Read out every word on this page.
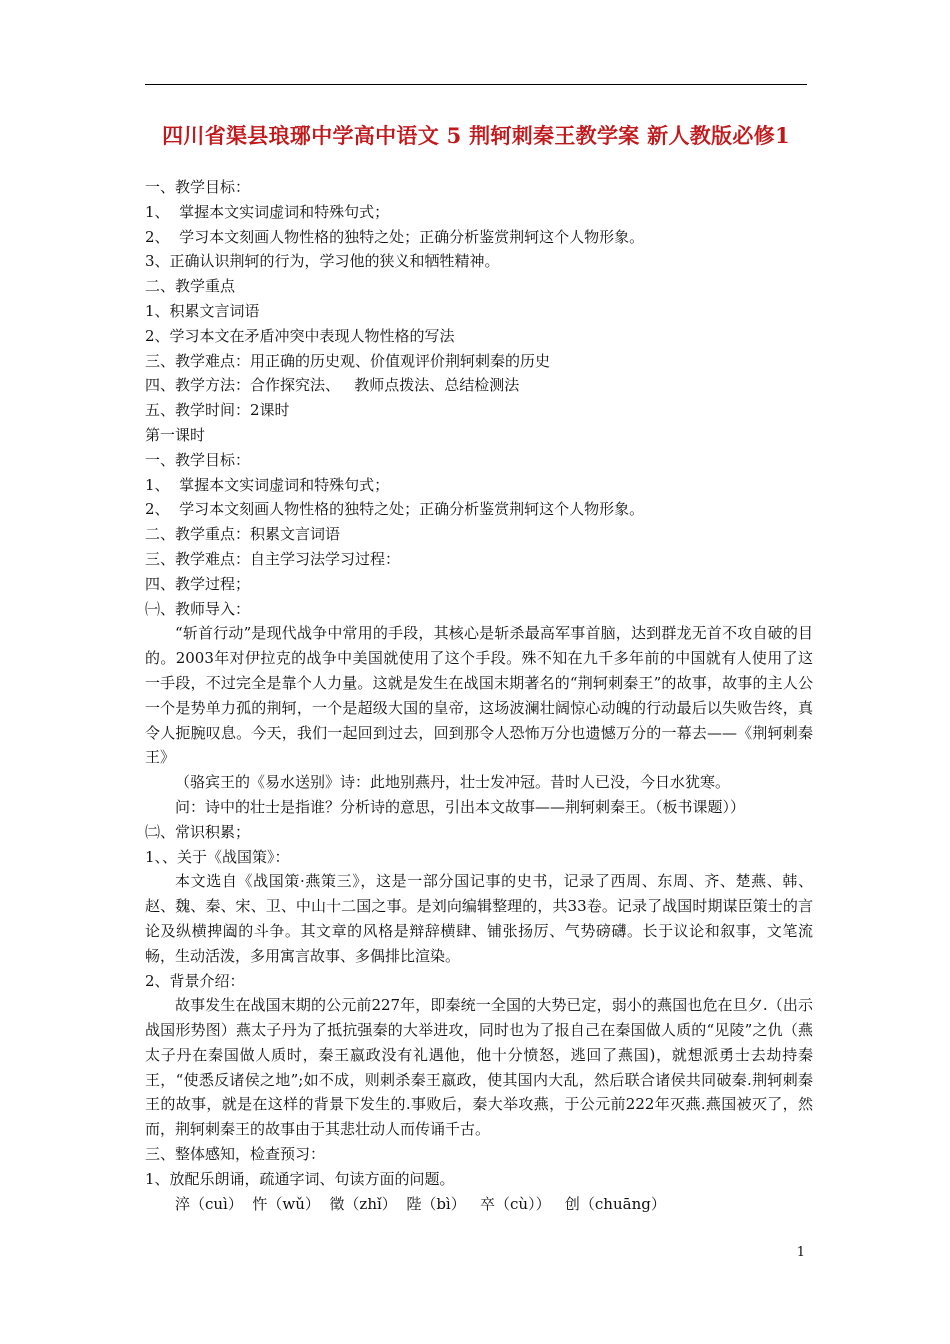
四川省渠县琅琊中学高中语文 5 荆轲刺秦王教学案 新人教版必修1

一、教学目标：

1、  掌握本文实词虚词和特殊句式；

2、  学习本文刻画人物性格的独特之处；正确分析鉴赏荆轲这个人物形象。

3、正确认识荆轲的行为，学习他的狭义和牺牲精神。

二、教学重点

1、积累文言词语

2、学习本文在矛盾冲突中表现人物性格的写法

三、教学难点：用正确的历史观、价值观评价荆轲刺秦的历史

四、教学方法：合作探究法、   教师点拨法、总结检测法

五、教学时间：2课时

第一课时

一、教学目标：

1、  掌握本文实词虚词和特殊句式；

2、  学习本文刻画人物性格的独特之处；正确分析鉴赏荆轲这个人物形象。

二、教学重点：积累文言词语

三、教学难点：自主学习法学习过程：

四、教学过程；

㈠、教师导入：

“斩首行动”是现代战争中常用的手段，其核心是斩杀最高军事首脑，达到群龙无首不攻自破的目的。2003年对伊拉克的战争中美国就使用了这个手段。殊不知在九千多年前的中国就有人使用了这一手段，不过完全是靠个人力量。这就是发生在战国末期著名的“荆轲刺秦王”的故事，故事的主人公一个是势单力孤的荆轲，一个是超级大国的皇帝，这场波澜壮阔惊心动魄的行动最后以失败告终，真令人扼腕叹息。今天，我们一起回到过去，回到那令人恐怖万分也遗憾万分的一幕去——《荆轲刺秦王》

（骆宾王的《易水送别》诗：此地别燕丹，壮士发冲冠。昔时人已没，今日水犹寒。

问：诗中的壮士是指谁？分析诗的意思，引出本文故事——荆轲刺秦王。（板书课题））

㈡、常识积累；

1、、关于《战国策》：

本文选自《战国策·燕策三》，这是一部分国记事的史书，记录了西周、东周、齐、楚燕、韩、赵、魏、秦、宋、卫、中山十二国之事。是刘向编辑整理的，共33卷。记录了战国时期谋臣策士的言论及纵横捭阖的斗争。其文章的风格是辩辞横肆、铺张扬厉、气势磅礴。长于议论和叙事，文笔流畅，生动活泼，多用寓言故事、多偶排比渲染。

2、背景介绍：

故事发生在战国末期的公元前227年，即秦统一全国的大势已定，弱小的燕国也危在旦夕.（出示战国形势图）燕太子丹为了抵抗强秦的大举进攻，同时也为了报自己在秦国做人质的“见陵”之仇（燕太子丹在秦国做人质时，秦王嬴政没有礼遇他，他十分愤怒，逃回了燕国)，就想派勇士去劫持秦王，“使悉反诸侯之地”;如不成，则刺杀秦王嬴政，使其国内大乱，然后联合诸侯共同破秦.荆轲刺秦王的故事，就是在这样的背景下发生的.事败后，秦大举攻燕，于公元前222年灭燕.燕国被灭了，然而，荆轲刺秦王的故事由于其悲壮动人而传诵千古。

三、整体感知，检查预习：

1、放配乐朗诵，疏通字词、句读方面的问题。

淬（cuì）  忤（wǔ）  徵（zhǐ）  陛（bì）   卒（cù））   创（chuāng）

1
